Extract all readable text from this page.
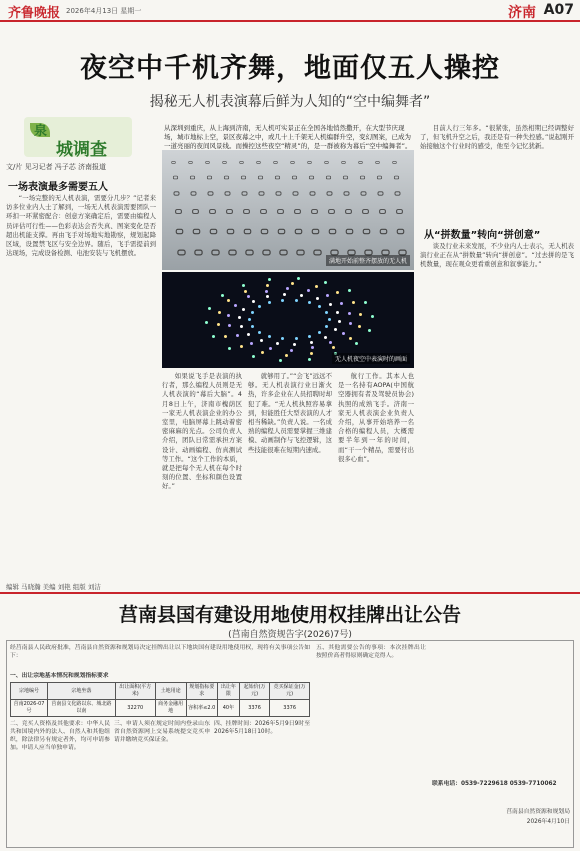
齐鲁晚报 2026年4月13日 星期一	济南 A07
夜空中千机齐舞，地面仅五人操控
揭秘无人机表演幕后鲜为人知的“空中编舞者”
泉
城调查
文/片 见习记者 冯子芯 济南报道
从深圳到重庆，从上海到济南，无人机可实景正在全国各地悄然撒开，在大型节庆现场，城市地标上空，景区夜幕之中，或几十上千架无人机编群升空，变幻图案，已成为一道亮丽的夜间风景线。而操控这些夜空“精灵”的，是一群被称为幕后“空中编舞者”。
满地开始前整齐摆放的无人机
无人机夜空中表演时的画面
一场表演最多需要五人

“一场完整的无人机表演，需要分几步？”记者来访多位业内人士了解到，一场无人机表演需要团队一环扣一环紧密配合：创意方案确定后，需要由编程人员评估可行性——色彩表达会否失真、图案变化是否超出机能支撑。再由飞手对场地实地勘察，规划起降区域，设置禁飞区与安全边界。随后，飞手需提前到达现场，完成设备检测、电池安装与飞机摆放。

如果说飞手是表演的执行者，那么编程人员则是无人机表演的“幕后大脑”。4月8日上午，济南市槐荫区一家无人机表演企业的办公室里，电脑屏幕上跳动着密密麻麻的光点。公司负责人介绍，团队日常需承担方案设计、动画编程、仿真测试等工作。“这个工作的本质，就是把每个无人机在每个时刻的位置、坐标和颜色设置好。”

就够用了。”“会飞”远远不够。无人机表演行业日渐火热，许多企业在人员招聘时却犯了难。“无人机执照容易拿到，但能胜任大型表演的人才相当稀缺。”负责人说。一名成熟的编程人员需要掌握三维建模、动画制作与飞控逻辑，这些技能很难在短期内速成。

航行工作。其本人也是一名持有AOPA(中国航空器拥有者及驾驶员协会)执照的成熟飞手。济南一家无人机表演企业负责人介绍，从事开始培养一名合格的编程人员，大概需要半年到一年的时间，而“干一个精品，需要付出很多心血”。

目前人行三年多。“很紧张，虽然相期已经调整好了，但飞机升空之后，我还是有一种失控感。”说起刚开始接触这个行业时的感受，他至今记忆犹新。

从“拼数量”转向“拼创意”

谈及行业未来发展，不少业内人士表示，无人机表演行业正在从“拼数量”转向“拼创意”。“过去拼的是飞机数量，现在观众更看重创意和叙事能力。”

编辑 马晓瀚 美编 刘艳 组版 刘洁
莒南县国有建设用地使用权挂牌出让公告
(莒南自然资规告字(2026)7号)
经莒南县人民政府批准，莒南县自然资源和规划局决定挂牌出让以下地块国有建设用地使用权，现将有关事项公告如下：
一、出让宗地基本情况和规划指标要求
宗地编号	宗地坐落	出让面积(平方米)	土地用途	规划指标要求	出让年限	起始价(万元)	竞买保证金(万元)
莒南2026-07号	莒南县文化路以东、城北路以南	32270	商务金融用地	容积率≤2.0	40年	3376	3376
二、竞买人资格及其他要求：中华人民共和国境内外的法人、自然人和其他组织，除法律另有规定者外，均可申请参加。申请人应当单独申请。
三、申请人须在规定时间内登录山东省自然资源网上交易系统提交竞买申请并缴纳竞买保证金。
四、挂牌时间：2026年5月9日9时至2026年5月18日10时。
五、其他需要公告的事项：本次挂牌出让按照价高者得原则确定竞得人。
联系电话：0539-7229618 0539-7710062
莒南县自然资源和规划局
2026年4月10日
